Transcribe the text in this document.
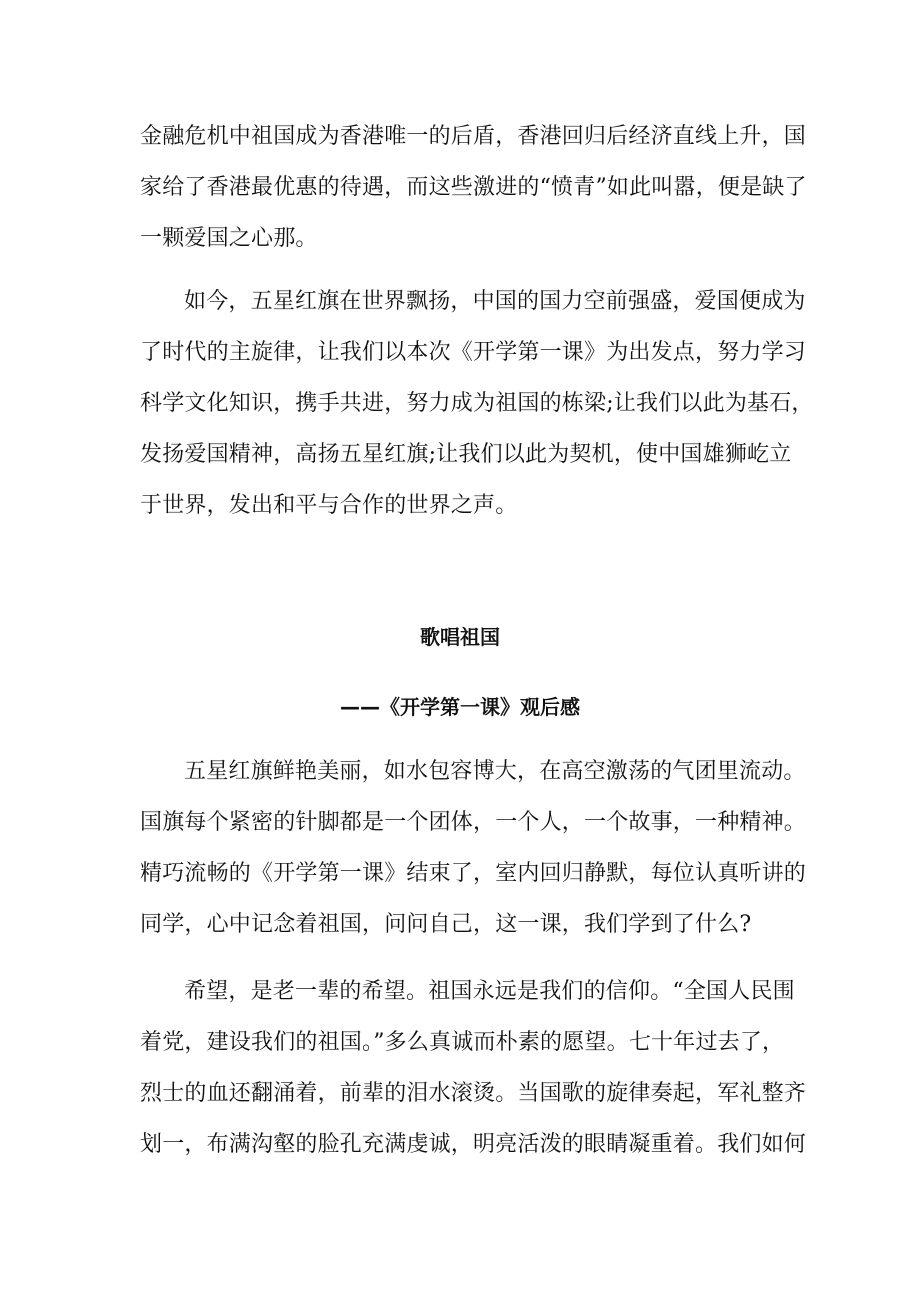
金融危机中祖国成为香港唯一的后盾，香港回归后经济直线上升，国
家给了香港最优惠的待遇，而这些激进的“愤青”如此叫嚣，便是缺了
一颗爱国之心那。
如今，五星红旗在世界飘扬，中国的国力空前强盛，爱国便成为
了时代的主旋律，让我们以本次《开学第一课》为出发点，努力学习
科学文化知识，携手共进，努力成为祖国的栋梁;让我们以此为基石，
发扬爱国精神，高扬五星红旗;让我们以此为契机，使中国雄狮屹立
于世界，发出和平与合作的世界之声。
歌唱祖国
——《开学第一课》观后感
五星红旗鲜艳美丽，如水包容博大，在高空激荡的气团里流动。
国旗每个紧密的针脚都是一个团体，一个人，一个故事，一种精神。
精巧流畅的《开学第一课》结束了，室内回归静默，每位认真听讲的
同学，心中记念着祖国，问问自己，这一课，我们学到了什么?
希望，是老一辈的希望。祖国永远是我们的信仰。“全国人民围
着党，建设我们的祖国。”多么真诚而朴素的愿望。七十年过去了，
烈士的血还翻涌着，前辈的泪水滚烫。当国歌的旋律奏起，军礼整齐
划一，布满沟壑的脸孔充满虔诚，明亮活泼的眼睛凝重着。我们如何
